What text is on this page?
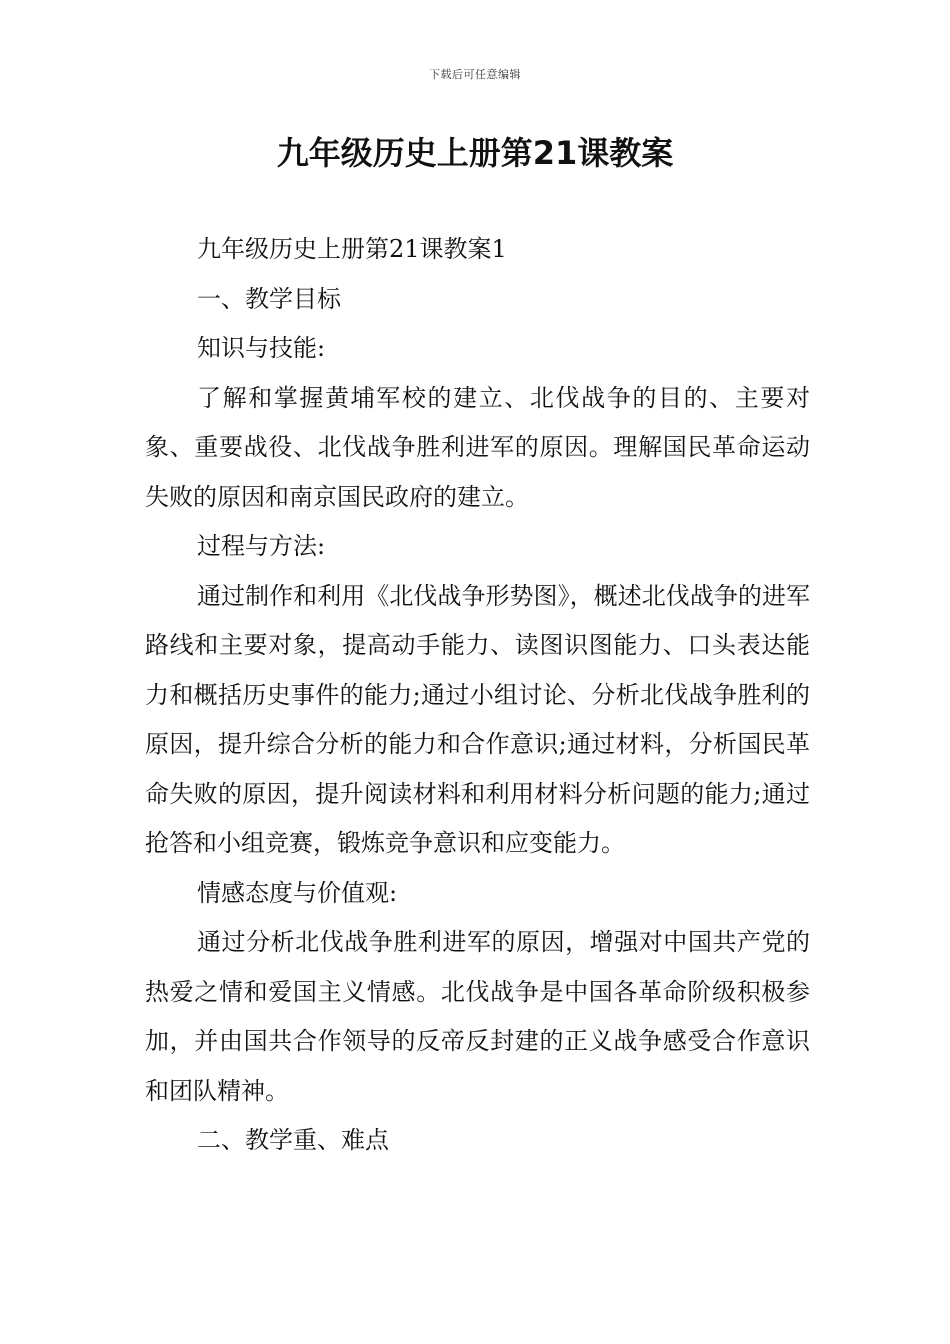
下载后可任意编辑
九年级历史上册第21课教案

九年级历史上册第21课教案1

一、教学目标

知识与技能:

了解和掌握黄埔军校的建立、北伐战争的目的、主要对象、重要战役、北伐战争胜利进军的原因。理解国民革命运动失败的原因和南京国民政府的建立。

过程与方法:

通过制作和利用《北伐战争形势图》，概述北伐战争的进军路线和主要对象，提高动手能力、读图识图能力、口头表达能力和概括历史事件的能力;通过小组讨论、分析北伐战争胜利的原因，提升综合分析的能力和合作意识;通过材料，分析国民革命失败的原因，提升阅读材料和利用材料分析问题的能力;通过抢答和小组竞赛，锻炼竞争意识和应变能力。

情感态度与价值观:

通过分析北伐战争胜利进军的原因，增强对中国共产党的热爱之情和爱国主义情感。北伐战争是中国各革命阶级积极参加，并由国共合作领导的反帝反封建的正义战争感受合作意识和团队精神。

二、教学重、难点
